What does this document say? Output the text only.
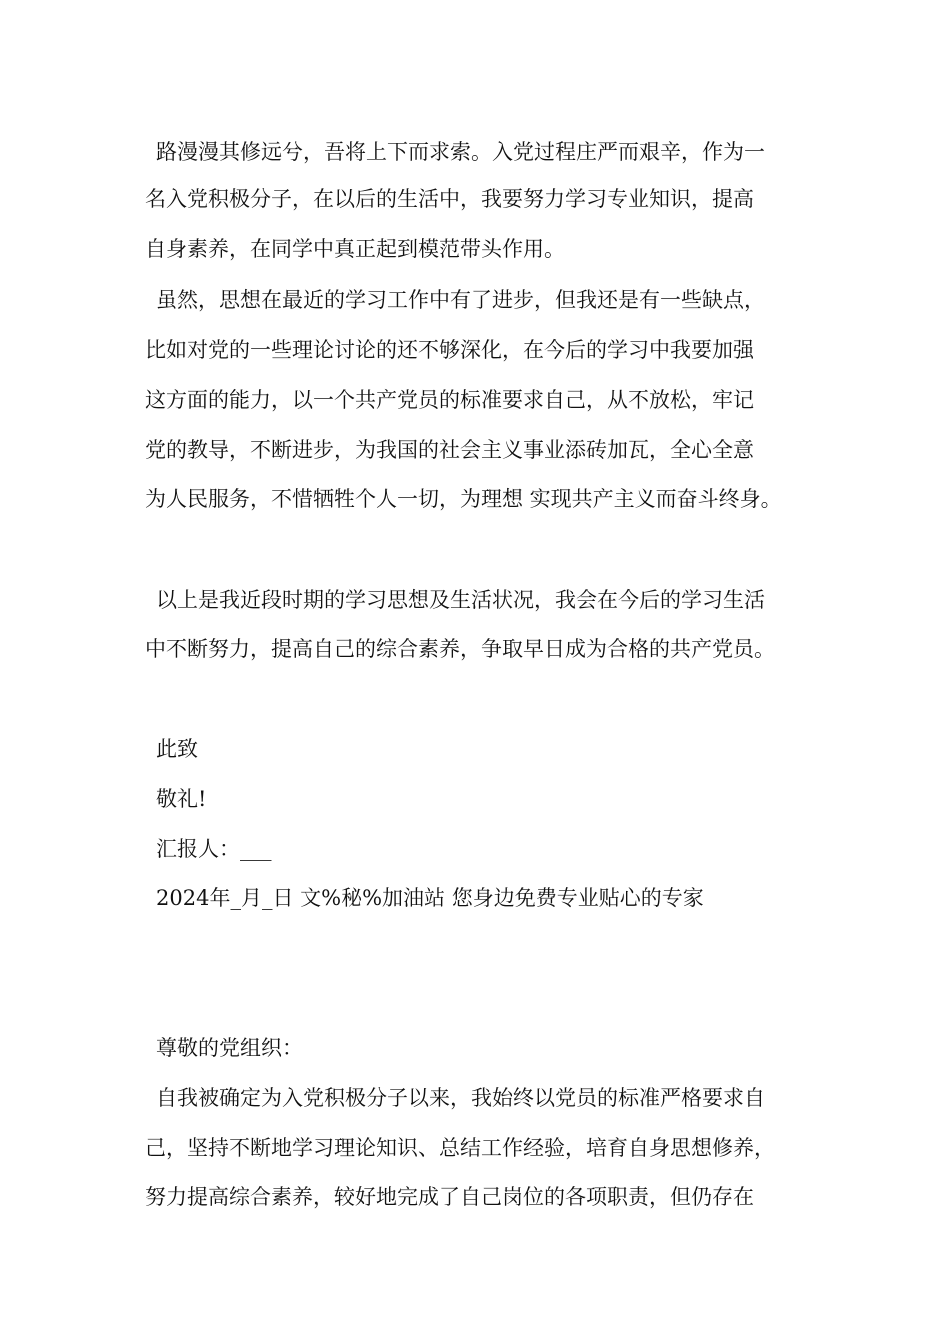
路漫漫其修远兮，吾将上下而求索。入党过程庄严而艰辛，作为一
名入党积极分子，在以后的生活中，我要努力学习专业知识，提高
自身素养，在同学中真正起到模范带头作用。
虽然，思想在最近的学习工作中有了进步，但我还是有一些缺点，
比如对党的一些理论讨论的还不够深化，在今后的学习中我要加强
这方面的能力，以一个共产党员的标准要求自己，从不放松，牢记
党的教导，不断进步，为我国的社会主义事业添砖加瓦，全心全意
为人民服务，不惜牺牲个人一切，为理想 实现共产主义而奋斗终身。
以上是我近段时期的学习思想及生活状况，我会在今后的学习生活
中不断努力，提高自己的综合素养，争取早日成为合格的共产党员。
此致
敬礼!
汇报人：___
2024年_月_日 文%秘%加油站 您身边免费专业贴心的专家
尊敬的党组织：
自我被确定为入党积极分子以来，我始终以党员的标准严格要求自
己，坚持不断地学习理论知识、总结工作经验，培育自身思想修养，
努力提高综合素养，较好地完成了自己岗位的各项职责，但仍存在
